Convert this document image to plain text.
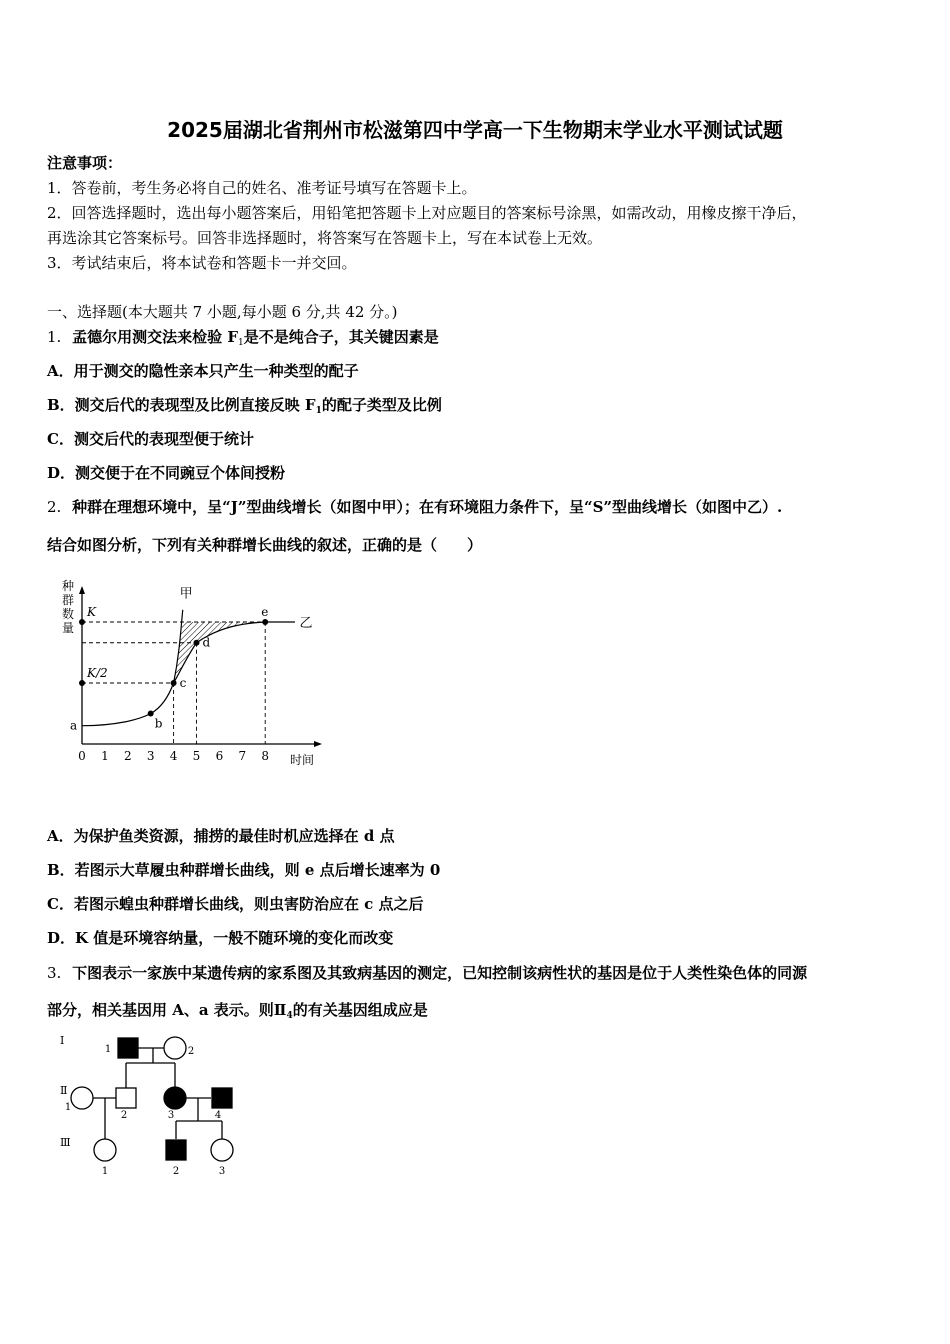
2025届湖北省荆州市松滋第四中学高一下生物期末学业水平测试试题
注意事项：
1．答卷前，考生务必将自己的姓名、准考证号填写在答题卡上。
2．回答选择题时，选出每小题答案后，用铅笔把答题卡上对应题目的答案标号涂黑，如需改动，用橡皮擦干净后，
再选涂其它答案标号。回答非选择题时，将答案写在答题卡上，写在本试卷上无效。
3．考试结束后，将本试卷和答题卡一并交回。
一、选择题(本大题共 7 小题,每小题 6 分,共 42 分。)
1. 孟德尔用测交法来检验 $F_1$是不是纯合子，其关键因素是
A．用于测交的隐性亲本只产生一种类型的配子
B．测交后代的表现型及比例直接反映 $F_1$的配子类型及比例
C．测交后代的表现型便于统计
D．测交便于在不同豌豆个体间授粉
2. 种群在理想环境中，呈“J”型曲线增长（如图中甲）；在有环境阻力条件下，呈“S”型曲线增长（如图中乙）.
结合如图分析，下列有关种群增长曲线的叙述，正确的是（　　）
种
群
数
量
0 1 2 3 4 5 6 7 8 时间
K
K/2
甲
乙
a	b
c
d
e
A．为保护鱼类资源，捕捞的最佳时机应选择在 d 点
B．若图示大草履虫种群增长曲线，则 e 点后增长速率为 0
C．若图示蝗虫种群增长曲线，则虫害防治应在 c 点之后
D．K 值是环境容纳量，一般不随环境的变化而改变
3. 下图表示一家族中某遗传病的家系图及其致病基因的测定，已知控制该病性状的基因是位于人类性染色体的同源
部分，相关基因用 A、a 表示。则$Ⅱ_4$的有关基因组成应是
Ⅰ
Ⅱ
Ⅲ
1	2
1
2	3	4
1	2	3
